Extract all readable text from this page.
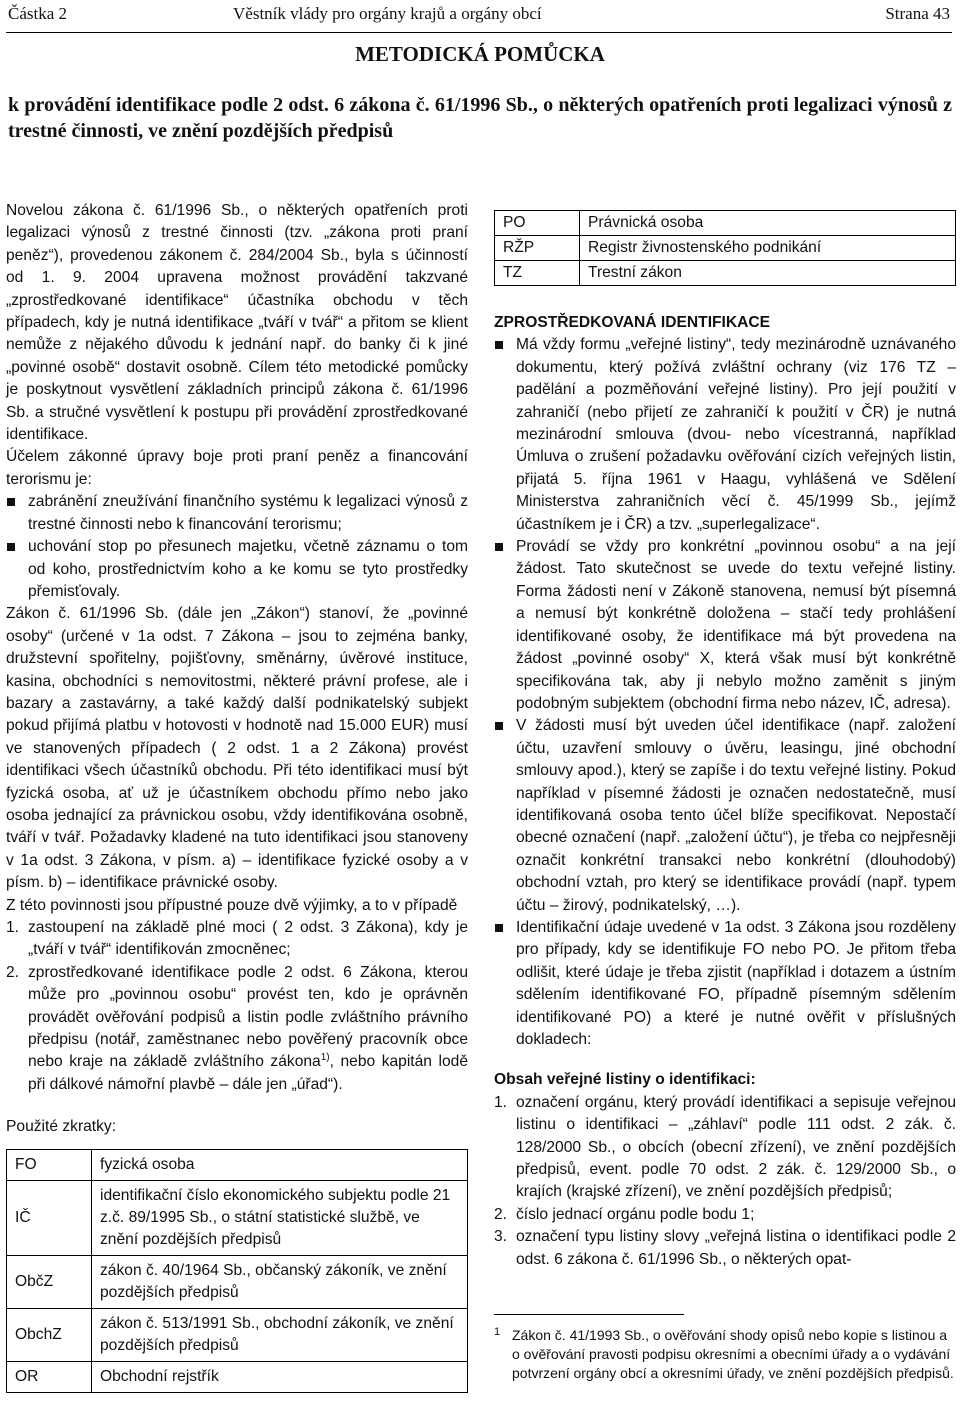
Částka 2	Věstník vlády pro orgány krajů a orgány obcí	Strana 43
METODICKÁ POMŮCKA
k provádění identifikace podle 2 odst. 6 zákona č. 61/1996 Sb., o některých opatřeních proti legalizaci výnosů z trestné činnosti, ve znění pozdějších předpisů

Novelou zákona č. 61/1996 Sb., o některých opatřeních proti legalizaci výnosů z trestné činnosti (tzv. „zákona proti praní peněz“), provedenou zákonem č. 284/2004 Sb., byla s účinností od 1. 9. 2004 upravena možnost provádění takzvané „zprostředkované identifikace“ účastníka obchodu v těch případech, kdy je nutná identifikace „tváří v tvář“ a přitom se klient nemůže z nějakého důvodu k jednání např. do banky či k jiné „povinné osobě“ dostavit osobně. Cílem této metodické pomůcky je poskytnout vysvětlení základních principů zákona č. 61/1996 Sb. a stručné vysvětlení k postupu při provádění zprostředkované identifikace.

Účelem zákonné úpravy boje proti praní peněz a financování terorismu je:

zabránění zneužívání finančního systému k legalizaci výnosů z trestné činnosti nebo k financování terorismu;
uchování stop po přesunech majetku, včetně záznamu o tom od koho, prostřednictvím koho a ke komu se tyto prostředky přemisťovaly.

Zákon č. 61/1996 Sb. (dále jen „Zákon“) stanoví, že „povinné osoby“ (určené v 1a odst. 7 Zákona – jsou to zejména banky, družstevní spořitelny, pojišťovny, směnárny, úvěrové instituce, kasina, obchodníci s nemovitostmi, některé právní profese, ale i bazary a zastavárny, a také každý další podnikatelský subjekt pokud přijímá platbu v hotovosti v hodnotě nad 15.000 EUR) musí ve stanovených případech ( 2 odst. 1 a 2 Zákona) provést identifikaci všech účastníků obchodu. Při této identifikaci musí být fyzická osoba, ať už je účastníkem obchodu přímo nebo jako osoba jednající za právnickou osobu, vždy identifikována osobně, tváří v tvář. Požadavky kladené na tuto identifikaci jsou stanoveny v 1a odst. 3 Zákona, v písm. a) – identifikace fyzické osoby a v písm. b) – identifikace právnické osoby.

Z této povinnosti jsou přípustné pouze dvě výjimky, a to v případě

1. zastoupení na základě plné moci ( 2 odst. 3 Zákona), kdy je „tváří v tvář“ identifikován zmocněnec;
2. zprostředkované identifikace podle 2 odst. 6 Zákona, kterou může pro „povinnou osobu“ provést ten, kdo je oprávněn provádět ověřování podpisů a listin podle zvláštního právního předpisu (notář, zaměstnanec nebo pověřený pracovník obce nebo kraje na základě zvláštního zákona$^{1)}$, nebo kapitán lodě při dálkové námořní plavbě – dále jen „úřad“).

Použité zkratky:

FO	fyzická osoba
IČ	identifikační číslo ekonomického subjektu podle 21 z.č. 89/1995 Sb., o státní statistické službě, ve znění pozdějších předpisů
ObčZ	zákon č. 40/1964 Sb., občanský zákoník, ve znění pozdějších předpisů
ObchZ	zákon č. 513/1991 Sb., obchodní zákoník, ve znění pozdějších předpisů
OR	Obchodní rejstřík
PO	Právnická osoba
RŽP	Registr živnostenského podnikání
TZ	Trestní zákon
ZPROSTŘEDKOVANÁ IDENTIFIKACE
Má vždy formu „veřejné listiny“, tedy mezinárodně uznávaného dokumentu, který požívá zvláštní ochrany (viz 176 TZ – padělání a pozměňování veřejné listiny). Pro její použití v zahraničí (nebo přijetí ze zahraničí k použití v ČR) je nutná mezinárodní smlouva (dvou- nebo vícestranná, například Úmluva o zrušení požadavku ověřování cizích veřejných listin, přijatá 5. října 1961 v Haagu, vyhlášená ve Sdělení Ministerstva zahraničních věcí č. 45/1999 Sb., jejímž účastníkem je i ČR) a tzv. „superlegalizace“.
Provádí se vždy pro konkrétní „povinnou osobu“ a na její žádost. Tato skutečnost se uvede do textu veřejné listiny. Forma žádosti není v Zákoně stanovena, nemusí být písemná a nemusí být konkrétně doložena – stačí tedy prohlášení identifikované osoby, že identifikace má být provedena na žádost „povinné osoby“ X, která však musí být konkrétně specifikována tak, aby ji nebylo možno zaměnit s jiným podobným subjektem (obchodní firma nebo název, IČ, adresa).
V žádosti musí být uveden účel identifikace (např. založení účtu, uzavření smlouvy o úvěru, leasingu, jiné obchodní smlouvy apod.), který se zapíše i do textu veřejné listiny. Pokud například v písemné žádosti je označen nedostatečně, musí identifikovaná osoba tento účel blíže specifikovat. Nepostačí obecné označení (např. „založení účtu“), je třeba co nejpřesněji označit konkrétní transakci nebo konkrétní (dlouhodobý) obchodní vztah, pro který se identifikace provádí (např. typem účtu – žirový, podnikatelský, …).
Identifikační údaje uvedené v 1a odst. 3 Zákona jsou rozděleny pro případy, kdy se identifikuje FO nebo PO. Je přitom třeba odlišit, které údaje je třeba zjistit (například i dotazem a ústním sdělením identifikované FO, případně písemným sdělením identifikované PO) a které je nutné ověřit v příslušných dokladech:
Obsah veřejné listiny o identifikaci:
1. označení orgánu, který provádí identifikaci a sepisuje veřejnou listinu o identifikaci – „záhlaví“ podle 111 odst. 2 zák. č. 128/2000 Sb., o obcích (obecní zřízení), ve znění pozdějších předpisů, event. podle 70 odst. 2 zák. č. 129/2000 Sb., o krajích (krajské zřízení), ve znění pozdějších předpisů;
2. číslo jednací orgánu podle bodu 1;
3. označení typu listiny slovy „veřejná listina o identifikaci podle 2 odst. 6 zákona č. 61/1996 Sb., o některých opat-
1 Zákon č. 41/1993 Sb., o ověřování shody opisů nebo kopie s listinou a o ověřování pravosti podpisu okresními a obecními úřady a o vydávání potvrzení orgány obcí a okresními úřady, ve znění pozdějších předpisů.
